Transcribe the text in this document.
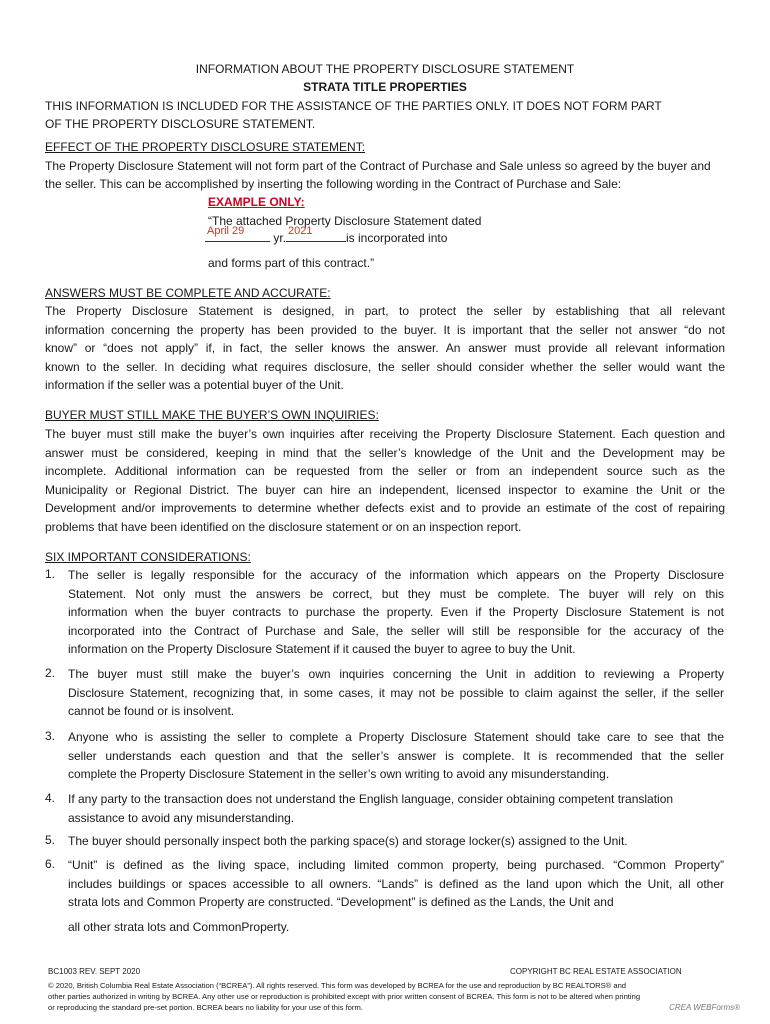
INFORMATION ABOUT THE PROPERTY DISCLOSURE STATEMENT
STRATA TITLE PROPERTIES
THIS INFORMATION IS INCLUDED FOR THE ASSISTANCE OF THE PARTIES ONLY. IT DOES NOT FORM PART
OF THE PROPERTY DISCLOSURE STATEMENT.
EFFECT OF THE PROPERTY DISCLOSURE STATEMENT:
The Property Disclosure Statement will not form part of the Contract of Purchase and Sale unless so agreed by the buyer and
the seller. This can be accomplished by inserting the following wording in the Contract of Purchase and Sale:
EXAMPLE ONLY:
“The attached Property Disclosure Statement dated
April 29 yr. 2021	is incorporated into
and forms part of this contract.”
ANSWERS MUST BE COMPLETE AND ACCURATE:
The Property Disclosure Statement is designed, in part, to protect the seller by establishing that all relevant
information concerning the property has been provided to the buyer. It is important that the seller not answer “do not
know” or “does not apply” if, in fact, the seller knows the answer. An answer must provide all relevant information
known to the seller. In deciding what requires disclosure, the seller should consider whether the seller would want the
information if the seller was a potential buyer of the Unit.
BUYER MUST STILL MAKE THE BUYER’S OWN INQUIRIES:
The buyer must still make the buyer’s own inquiries after receiving the Property Disclosure Statement. Each question and
answer must be considered, keeping in mind that the seller’s knowledge of the Unit and the Development may be
incomplete. Additional information can be requested from the seller or from an independent source such as the
Municipality or Regional District. The buyer can hire an independent, licensed inspector to examine the Unit or the
Development and/or improvements to determine whether defects exist and to provide an estimate of the cost of repairing
problems that have been identified on the disclosure statement or on an inspection report.
SIX IMPORTANT CONSIDERATIONS:
1. The seller is legally responsible for the accuracy of the information which appears on the Property Disclosure
Statement. Not only must the answers be correct, but they must be complete. The buyer will rely on this
information when the buyer contracts to purchase the property. Even if the Property Disclosure Statement is not
incorporated into the Contract of Purchase and Sale, the seller will still be responsible for the accuracy of the
information on the Property Disclosure Statement if it caused the buyer to agree to buy the Unit.
2. The buyer must still make the buyer’s own inquiries concerning the Unit in addition to reviewing a Property
Disclosure Statement, recognizing that, in some cases, it may not be possible to claim against the seller, if the seller
cannot be found or is insolvent.
3. Anyone who is assisting the seller to complete a Property Disclosure Statement should take care to see that the
seller understands each question and that the seller’s answer is complete. It is recommended that the seller
complete the Property Disclosure Statement in the seller’s own writing to avoid any misunderstanding.
4. If any party to the transaction does not understand the English language, consider obtaining competent translation
assistance to avoid any misunderstanding.
5. The buyer should personally inspect both the parking space(s) and storage locker(s) assigned to the Unit.
6. “Unit” is defined as the living space, including limited common property, being purchased. “Common Property”
includes buildings or spaces accessible to all owners. “Lands” is defined as the land upon which the Unit, all other
strata lots and Common Property are constructed. “Development” is defined as the Lands, the Unit and
all other strata lots and CommonProperty.
BC1003 REV. SEPT 2020	COPYRIGHT BC REAL ESTATE ASSOCIATION
© 2020, British Columbia Real Estate Association (“BCREA”). All rights reserved. This form was developed by BCREA for the use and reproduction by BC REALTORS® and
other parties authorized in writing by BCREA. Any other use or reproduction is prohibited except with prior written consent of BCREA. This form is not to be altered when printing
or reproducing the standard pre-set portion. BCREA bears no liability for your use of this form.	CREA WEBForms®
